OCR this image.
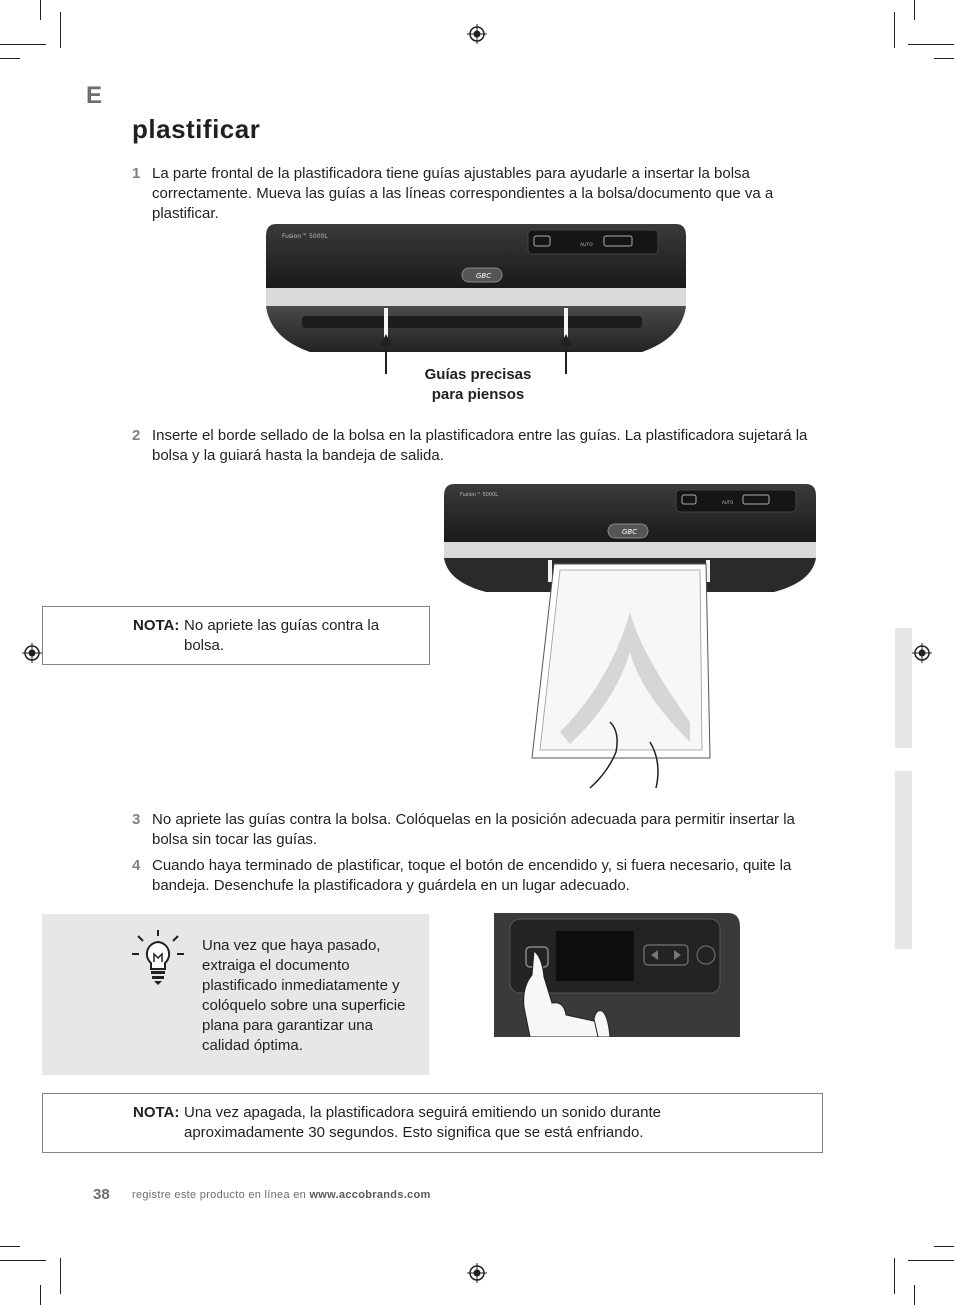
E
plastificar
1 La parte frontal de la plastificadora tiene guías ajustables para ayudarle a insertar la bolsa correctamente. Mueva las guías a las líneas correspondientes a la bolsa/documento que va a plastificar.
Fusion™ 5000L
GBC
AUTO
Guías precisas
para piensos
2 Inserte el borde sellado de la bolsa en la plastificadora entre las guías. La plastificadora sujetará la bolsa y la guiará hasta la bandeja de salida.
Fusion™ 5000L
GBC
AUTO
NOTA: No apriete las guías contra la
bolsa.
3 No apriete las guías contra la bolsa. Colóquelas en la posición adecuada para permitir insertar la bolsa sin tocar las guías.
4 Cuando haya terminado de plastificar, toque el botón de encendido y, si fuera necesario, quite la bandeja. Desenchufe la plastificadora y guárdela en un lugar adecuado.
Una vez que haya pasado, extraiga el documento plastificado inmediatamente y colóquelo sobre una superficie plana para garantizar una calidad óptima.
NOTA: Una vez apagada, la plastificadora seguirá emitiendo un sonido durante
aproximadamente 30 segundos. Esto significa que se está enfriando.
38 registre este producto en línea en www.accobrands.com
